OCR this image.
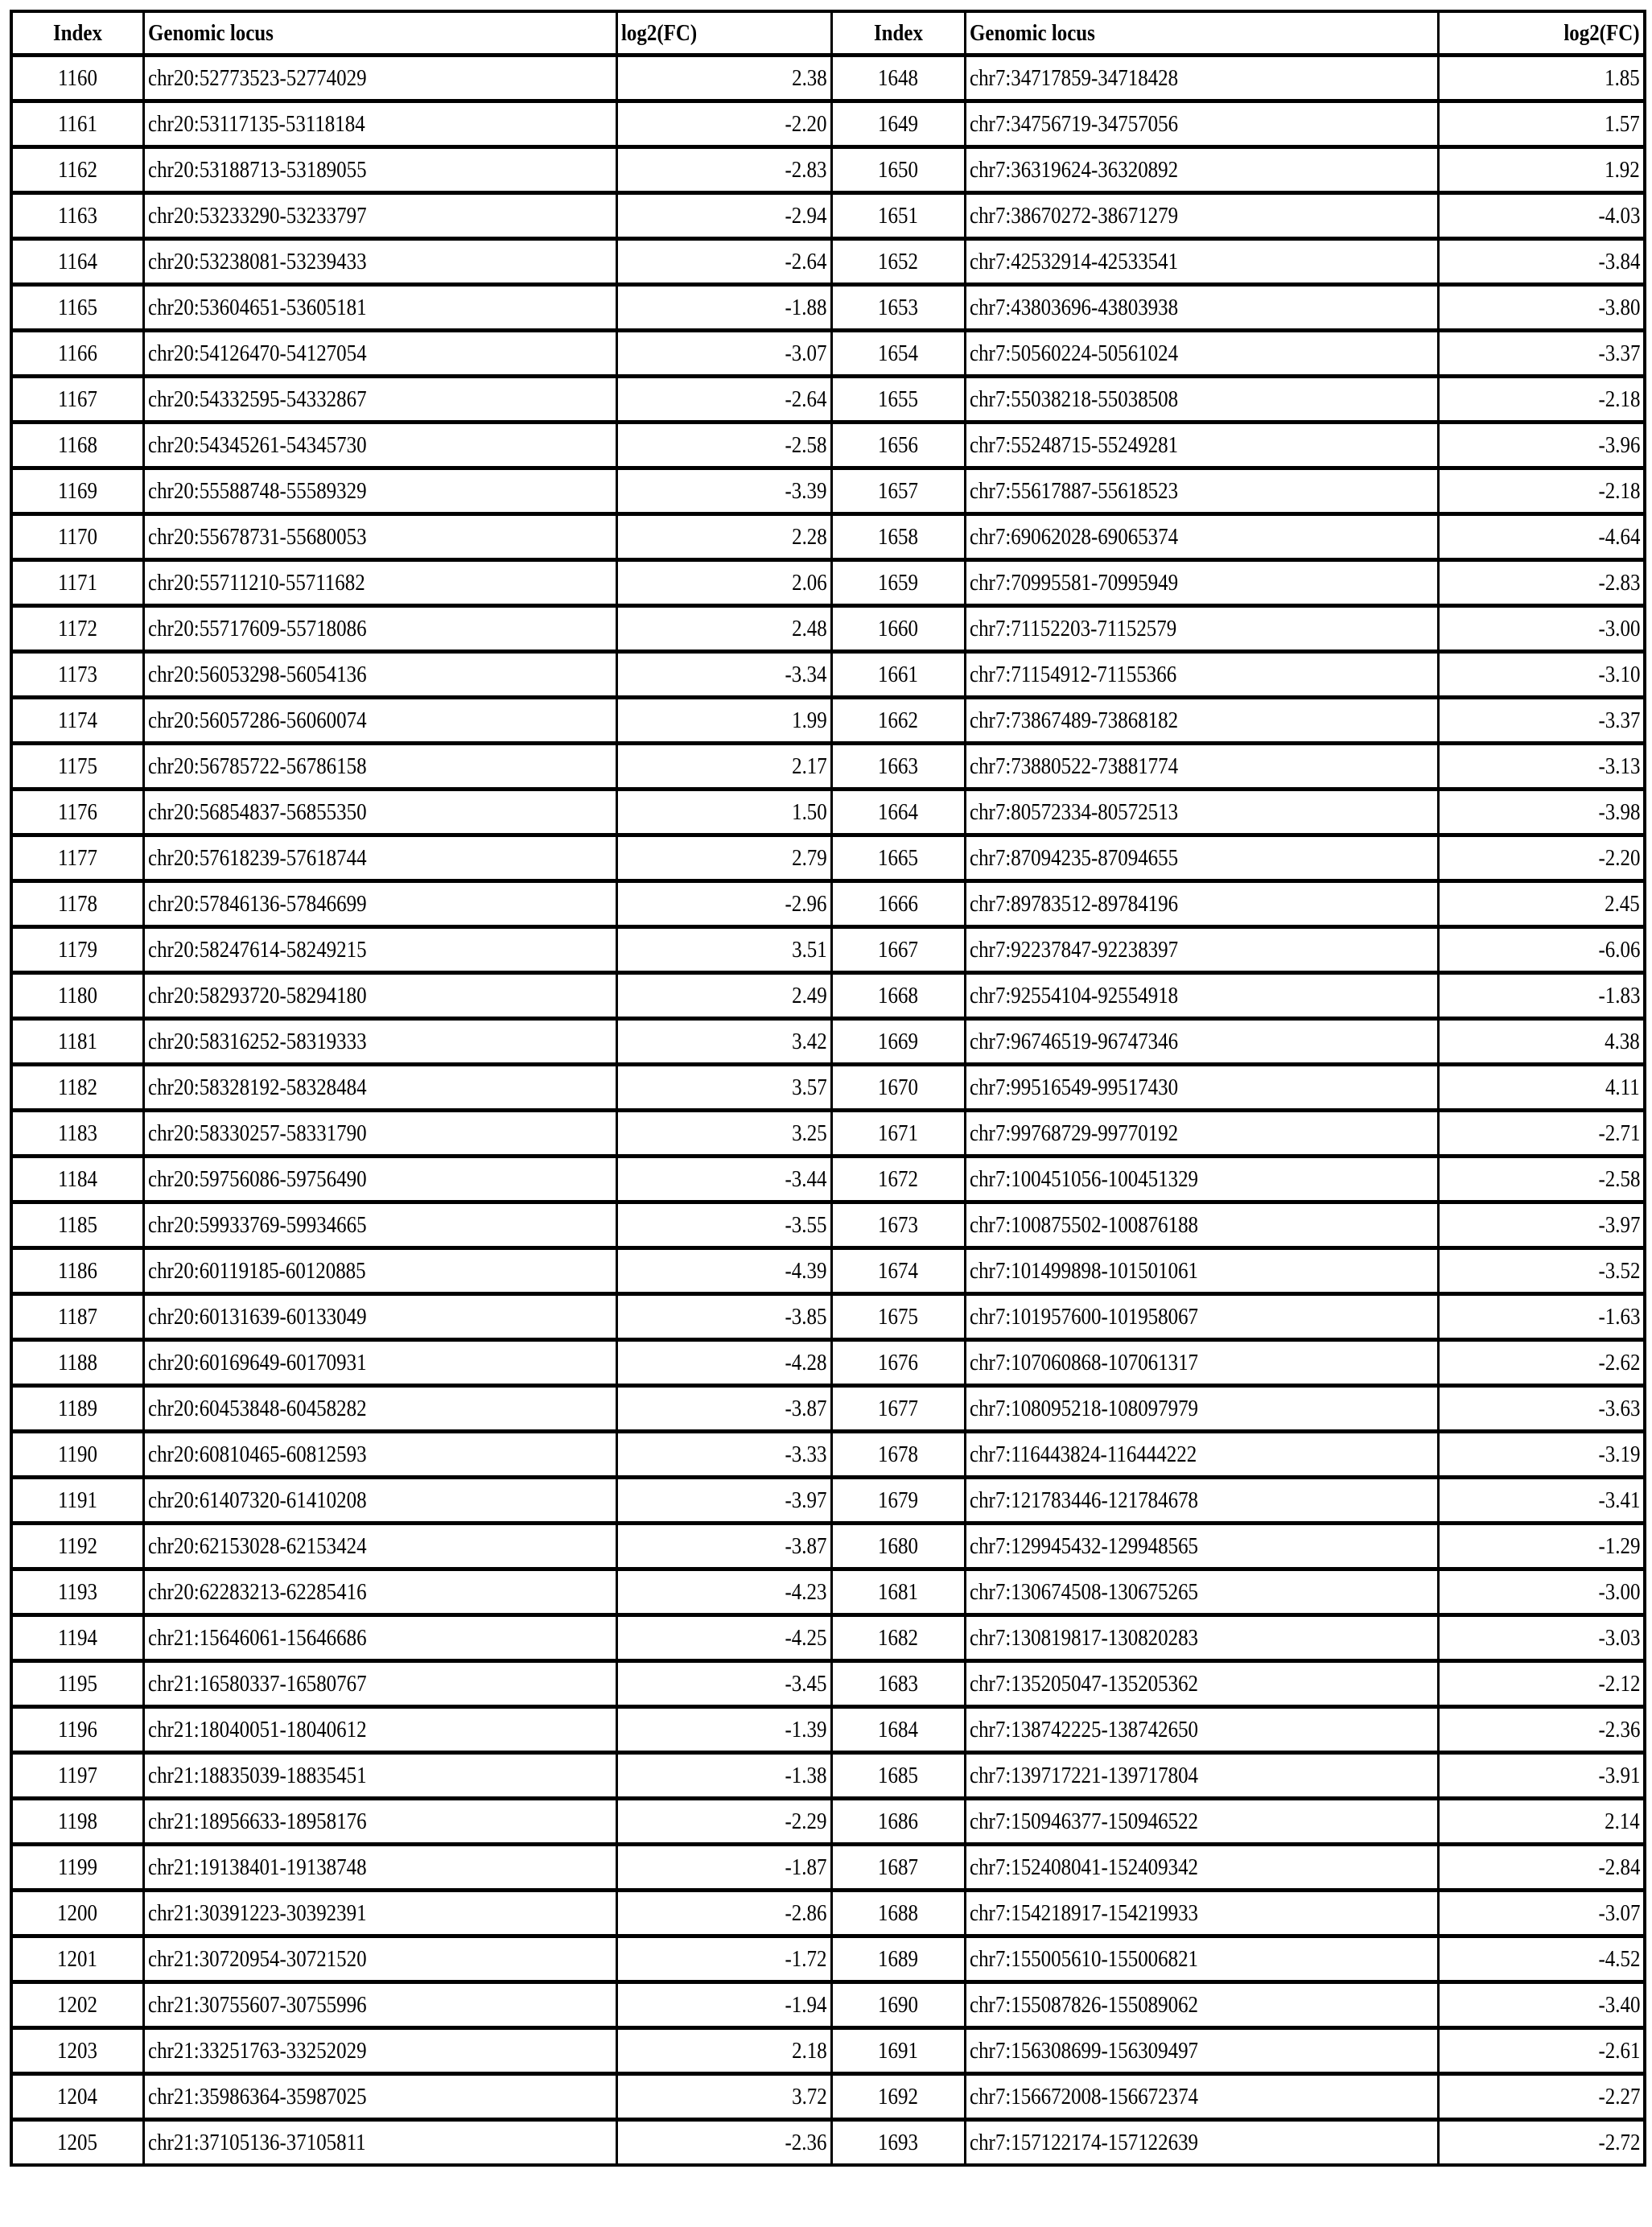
Index	Genomic locus	log2(FC)	Index	Genomic locus	log2(FC)
1160	chr20:52773523-52774029	2.38	1648	chr7:34717859-34718428	1.85
1161	chr20:53117135-53118184	-2.20	1649	chr7:34756719-34757056	1.57
1162	chr20:53188713-53189055	-2.83	1650	chr7:36319624-36320892	1.92
1163	chr20:53233290-53233797	-2.94	1651	chr7:38670272-38671279	-4.03
1164	chr20:53238081-53239433	-2.64	1652	chr7:42532914-42533541	-3.84
1165	chr20:53604651-53605181	-1.88	1653	chr7:43803696-43803938	-3.80
1166	chr20:54126470-54127054	-3.07	1654	chr7:50560224-50561024	-3.37
1167	chr20:54332595-54332867	-2.64	1655	chr7:55038218-55038508	-2.18
1168	chr20:54345261-54345730	-2.58	1656	chr7:55248715-55249281	-3.96
1169	chr20:55588748-55589329	-3.39	1657	chr7:55617887-55618523	-2.18
1170	chr20:55678731-55680053	2.28	1658	chr7:69062028-69065374	-4.64
1171	chr20:55711210-55711682	2.06	1659	chr7:70995581-70995949	-2.83
1172	chr20:55717609-55718086	2.48	1660	chr7:71152203-71152579	-3.00
1173	chr20:56053298-56054136	-3.34	1661	chr7:71154912-71155366	-3.10
1174	chr20:56057286-56060074	1.99	1662	chr7:73867489-73868182	-3.37
1175	chr20:56785722-56786158	2.17	1663	chr7:73880522-73881774	-3.13
1176	chr20:56854837-56855350	1.50	1664	chr7:80572334-80572513	-3.98
1177	chr20:57618239-57618744	2.79	1665	chr7:87094235-87094655	-2.20
1178	chr20:57846136-57846699	-2.96	1666	chr7:89783512-89784196	2.45
1179	chr20:58247614-58249215	3.51	1667	chr7:92237847-92238397	-6.06
1180	chr20:58293720-58294180	2.49	1668	chr7:92554104-92554918	-1.83
1181	chr20:58316252-58319333	3.42	1669	chr7:96746519-96747346	4.38
1182	chr20:58328192-58328484	3.57	1670	chr7:99516549-99517430	4.11
1183	chr20:58330257-58331790	3.25	1671	chr7:99768729-99770192	-2.71
1184	chr20:59756086-59756490	-3.44	1672	chr7:100451056-100451329	-2.58
1185	chr20:59933769-59934665	-3.55	1673	chr7:100875502-100876188	-3.97
1186	chr20:60119185-60120885	-4.39	1674	chr7:101499898-101501061	-3.52
1187	chr20:60131639-60133049	-3.85	1675	chr7:101957600-101958067	-1.63
1188	chr20:60169649-60170931	-4.28	1676	chr7:107060868-107061317	-2.62
1189	chr20:60453848-60458282	-3.87	1677	chr7:108095218-108097979	-3.63
1190	chr20:60810465-60812593	-3.33	1678	chr7:116443824-116444222	-3.19
1191	chr20:61407320-61410208	-3.97	1679	chr7:121783446-121784678	-3.41
1192	chr20:62153028-62153424	-3.87	1680	chr7:129945432-129948565	-1.29
1193	chr20:62283213-62285416	-4.23	1681	chr7:130674508-130675265	-3.00
1194	chr21:15646061-15646686	-4.25	1682	chr7:130819817-130820283	-3.03
1195	chr21:16580337-16580767	-3.45	1683	chr7:135205047-135205362	-2.12
1196	chr21:18040051-18040612	-1.39	1684	chr7:138742225-138742650	-2.36
1197	chr21:18835039-18835451	-1.38	1685	chr7:139717221-139717804	-3.91
1198	chr21:18956633-18958176	-2.29	1686	chr7:150946377-150946522	2.14
1199	chr21:19138401-19138748	-1.87	1687	chr7:152408041-152409342	-2.84
1200	chr21:30391223-30392391	-2.86	1688	chr7:154218917-154219933	-3.07
1201	chr21:30720954-30721520	-1.72	1689	chr7:155005610-155006821	-4.52
1202	chr21:30755607-30755996	-1.94	1690	chr7:155087826-155089062	-3.40
1203	chr21:33251763-33252029	2.18	1691	chr7:156308699-156309497	-2.61
1204	chr21:35986364-35987025	3.72	1692	chr7:156672008-156672374	-2.27
1205	chr21:37105136-37105811	-2.36	1693	chr7:157122174-157122639	-2.72
